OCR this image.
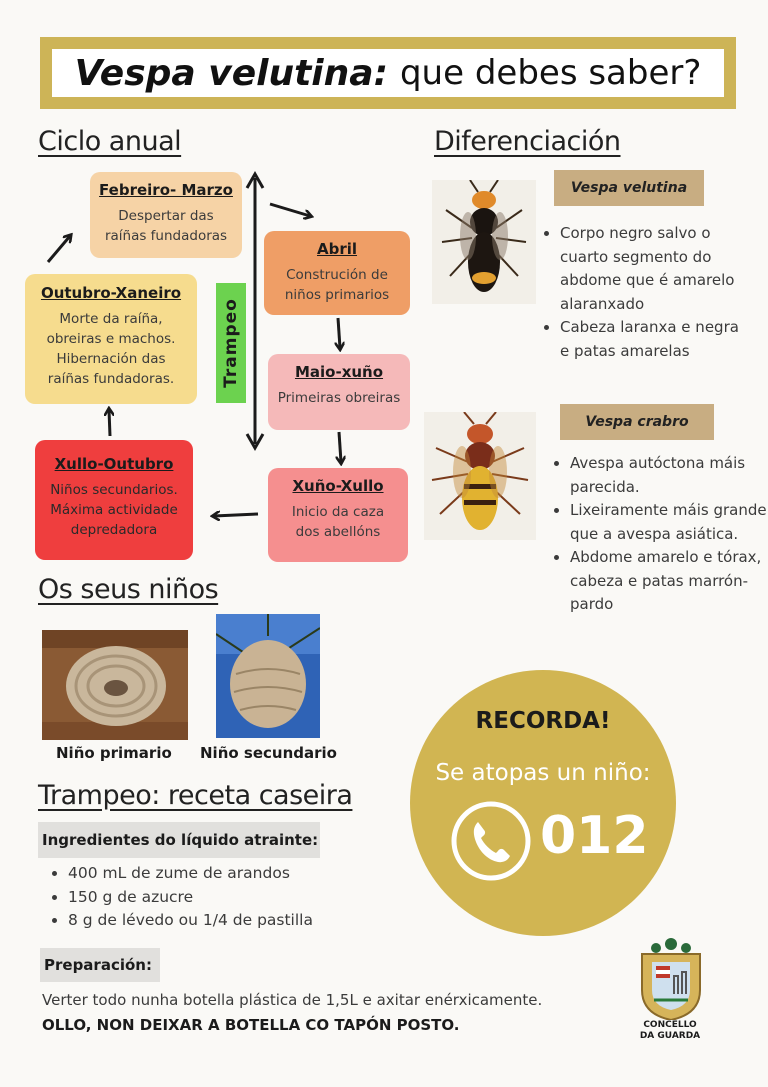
Vespa velutina: que debes saber?
Ciclo anual
Febreiro- Marzo
Despertar das raíñas fundadoras
Abril
Construción de niños primarios
Maio-xuño
Primeiras obreiras
Xuño-Xullo
Inicio da caza dos abellóns
Xullo-Outubro
Niños secundarios. Máxima actividade depredadora
Outubro-Xaneiro
Morte da raíña, obreiras e machos. Hibernación das raíñas fundadoras.	Trampeo
Diferenciación
Vespa velutina
• Corpo negro salvo o cuarto segmento do abdome que é amarelo alaranxado
• Cabeza laranxa e negra e patas amarelas
Vespa crabro
• Avespa autóctona máis parecida.
• Lixeiramente máis grande que a avespa asiática.
• Abdome amarelo e tórax, cabeza e patas marrón-pardo
Os seus niños
Niño primario Niño secundario
Trampeo: receta caseira
Ingredientes do líquido atrainte:
• 400 mL de zume de arandos
• 150 g de azucre
• 8 g de lévedo ou 1/4 de pastilla
Preparación:
Verter todo nunha botella plástica de 1,5L e axitar enérxicamente.
OLLO, NON DEIXAR A BOTELLA CO TAPÓN POSTO.
RECORDA!
Se atopas un niño:
012
CONCELLO
DA GUARDA
